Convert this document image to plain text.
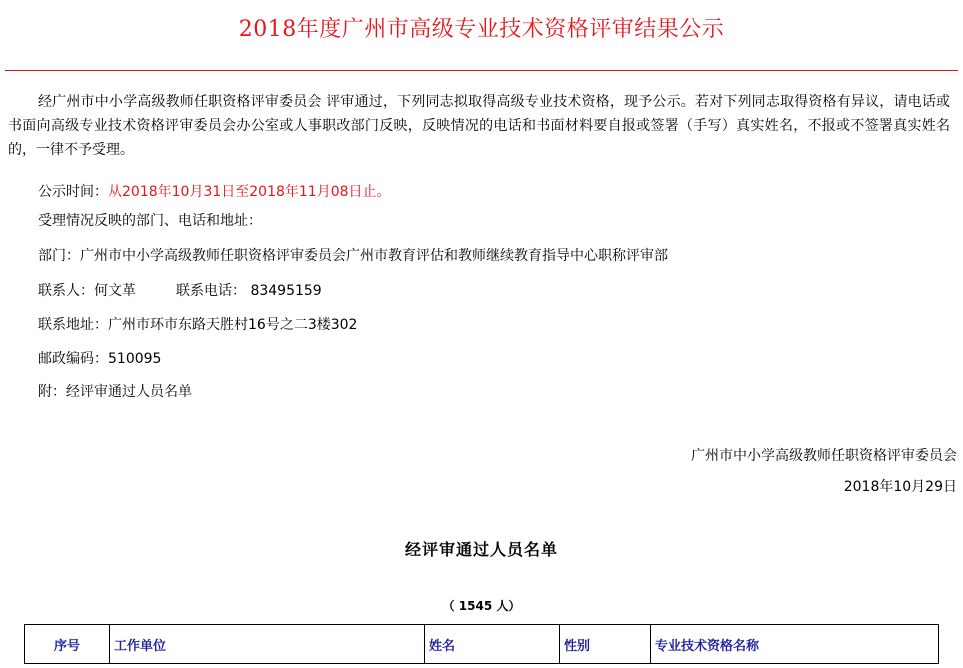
2018年度广州市高级专业技术资格评审结果公示
经广州市中小学高级教师任职资格评审委员会 评审通过，下列同志拟取得高级专业技术资格，现予公示。若对下列同志取得资格有异议，请电话或书面向高级专业技术资格评审委员会办公室或人事职改部门反映，反映情况的电话和书面材料要自报或签署（手写）真实姓名，不报或不签署真实姓名的，一律不予受理。
公示时间：从2018年10月31日至2018年11月08日止。
受理情况反映的部门、电话和地址：
部门：广州市中小学高级教师任职资格评审委员会广州市教育评估和教师继续教育指导中心职称评审部
联系人：何文革	联系电话： 83495159
联系地址：广州市环市东路天胜村16号之二3楼302
邮政编码：510095
附：经评审通过人员名单
广州市中小学高级教师任职资格评审委员会
2018年10月29日
经评审通过人员名单
（ 1545 人）
序号	工作单位	姓名	性别	专业技术资格名称
